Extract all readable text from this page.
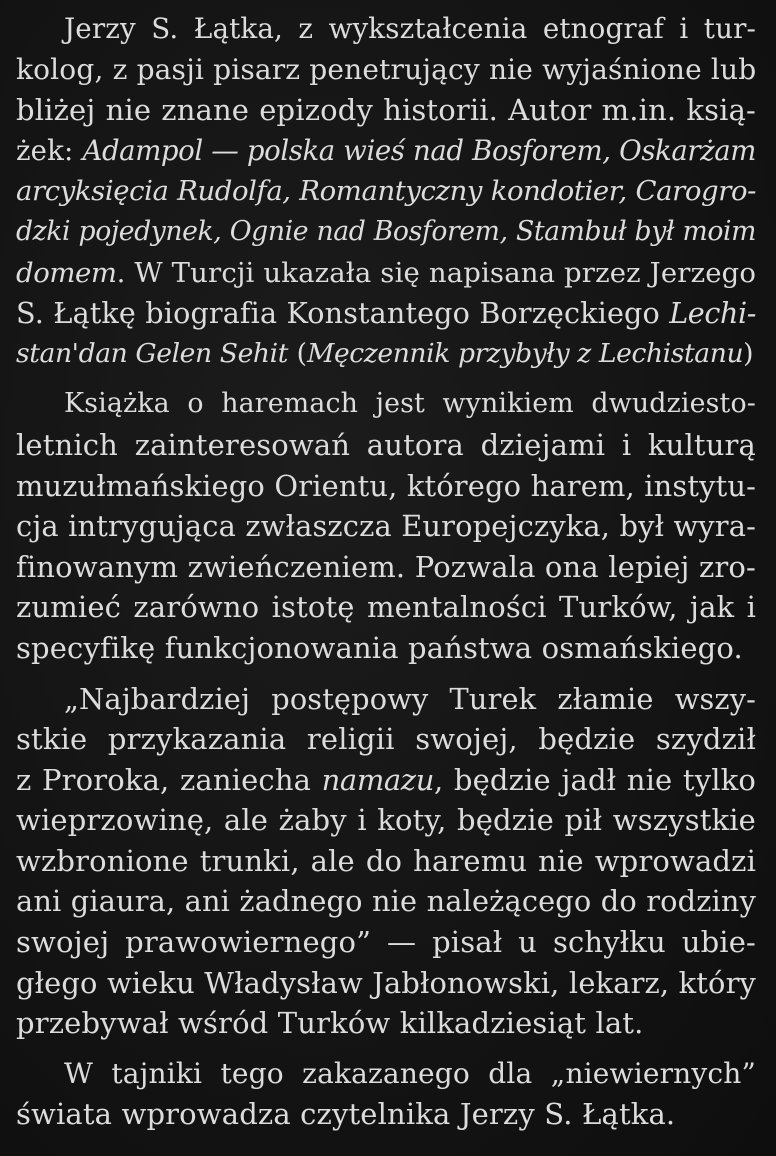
Jerzy S. Łątka, z wykształcenia etnograf i tur-
kolog, z pasji pisarz penetrujący nie wyjaśnione lub
bliżej nie znane epizody historii. Autor m.in. ksią-
żek: Adampol — polska wieś nad Bosforem, Oskarżam
arcyksięcia Rudolfa, Romantyczny kondotier, Carogro-
dzki pojedynek, Ognie nad Bosforem, Stambuł był moim
domem. W Turcji ukazała się napisana przez Jerzego
S. Łątkę biografia Konstantego Borzęckiego Lechi-
stan'dan Gelen Sehit (Męczennik przybyły z Lechistanu)
Książka o haremach jest wynikiem dwudziesto-
letnich zainteresowań autora dziejami i kulturą
muzułmańskiego Orientu, którego harem, instytu-
cja intrygująca zwłaszcza Europejczyka, był wyra-
finowanym zwieńczeniem. Pozwala ona lepiej zro-
zumieć zarówno istotę mentalności Turków, jak i
specyfikę funkcjonowania państwa osmańskiego.
„Najbardziej postępowy Turek złamie wszy-
stkie przykazania religii swojej, będzie szydził
z Proroka, zaniecha namazu, będzie jadł nie tylko
wieprzowinę, ale żaby i koty, będzie pił wszystkie
wzbronione trunki, ale do haremu nie wprowadzi
ani giaura, ani żadnego nie należącego do rodziny
swojej prawowiernego” — pisał u schyłku ubie-
głego wieku Władysław Jabłonowski, lekarz, który
przebywał wśród Turków kilkadziesiąt lat.
W tajniki tego zakazanego dla „niewiernych”
świata wprowadza czytelnika Jerzy S. Łątka.
